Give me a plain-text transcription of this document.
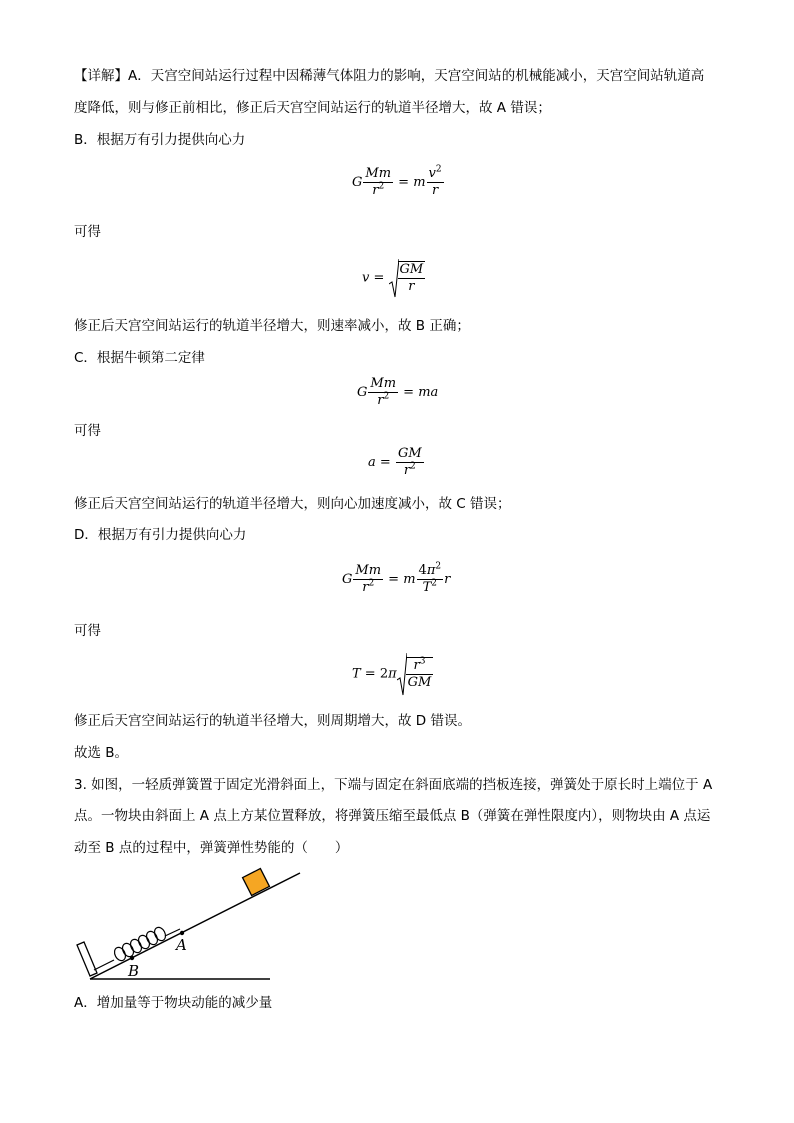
【详解】A．天宫空间站运行过程中因稀薄气体阻力的影响，天宫空间站的机械能减小，天宫空间站轨道高
度降低，则与修正前相比，修正后天宫空间站运行的轨道半径增大，故 A 错误；
B．根据万有引力提供向心力
G $\frac{Mm}{r^2} = m \frac{v^2}{r}$
可得
$v = \frac{GM}{r}$
修正后天宫空间站运行的轨道半径增大，则速率减小，故 B 正确；
C．根据牛顿第二定律
G $\frac{Mm}{r^2}$ = ma
可得
$a = \frac{GM}{r^2}$
修正后天宫空间站运行的轨道半径增大，则向心加速度减小，故 C 错误；
D．根据万有引力提供向心力
G $\frac{Mm}{r^2} = m \frac{4\pi^2}{T^2}$ r
可得
$T = 2\pi \frac{r^3}{GM}$
修正后天宫空间站运行的轨道半径增大，则周期增大，故 D 错误。
故选 B。
3. 如图，一轻质弹簧置于固定光滑斜面上，下端与固定在斜面底端的挡板连接，弹簧处于原长时上端位于 A
点。一物块由斜面上 A 点上方某位置释放，将弹簧压缩至最低点 B（弹簧在弹性限度内），则物块由 A 点运
动至 B 点的过程中，弹簧弹性势能的（　　）
A
B
A．增加量等于物块动能的减少量
